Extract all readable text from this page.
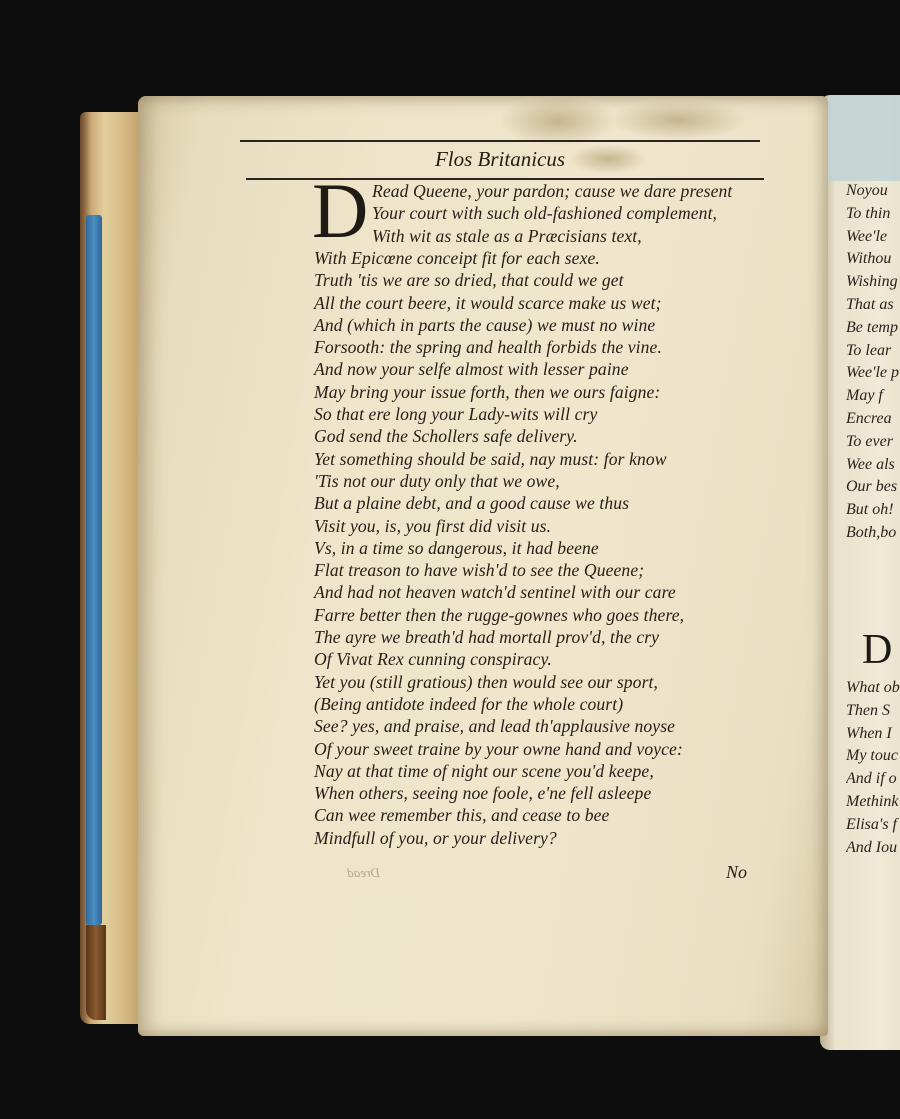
Flos Britanicus
D Read Queene, your pardon; cause we dare present
Your court with such old-fashioned complement,
With wit as stale as a Præcisians text,
With Epicœne conceipt fit for each sexe.
Truth 'tis we are so dried, that could we get
All the court beere, it would scarce make us wet;
And (which in parts the cause) we must no wine
Forsooth: the spring and health forbids the vine.
And now your selfe almost with lesser paine
May bring your issue forth, then we ours faigne:
So that ere long your Lady-wits will cry
God send the Schollers safe delivery.
Yet something should be said, nay must: for know
'Tis not our duty only that we owe,
But a plaine debt, and a good cause we thus
Visit you, is, you first did visit us.
Vs, in a time so dangerous, it had beene
Flat treason to have wish'd to see the Queene;
And had not heaven watch'd sentinel with our care
Farre better then the rugge-gownes who goes there,
The ayre we breath'd had mortall prov'd, the cry
Of Vivat Rex cunning conspiracy.
Yet you (still gratious) then would see our sport,
(Being antidote indeed for the whole court)
See? yes, and praise, and lead th'applausive noyse
Of your sweet traine by your owne hand and voyce:
Nay at that time of night our scene you'd keepe,
When others, seeing noe foole, e'ne fell asleepe
Can wee remember this, and cease to bee
Mindfull of you, or your delivery?
No
Dread
Noyou
To thin
Wee'le
Withou
Wishing
That as
Be temp
To lear
Wee'le p
May f
Encrea
To ever
Wee als
Our bes
But oh!
Both,bo
D
What ob
Then S
When I
My touc
And if o
Methink
Elisa's f
And Iou
